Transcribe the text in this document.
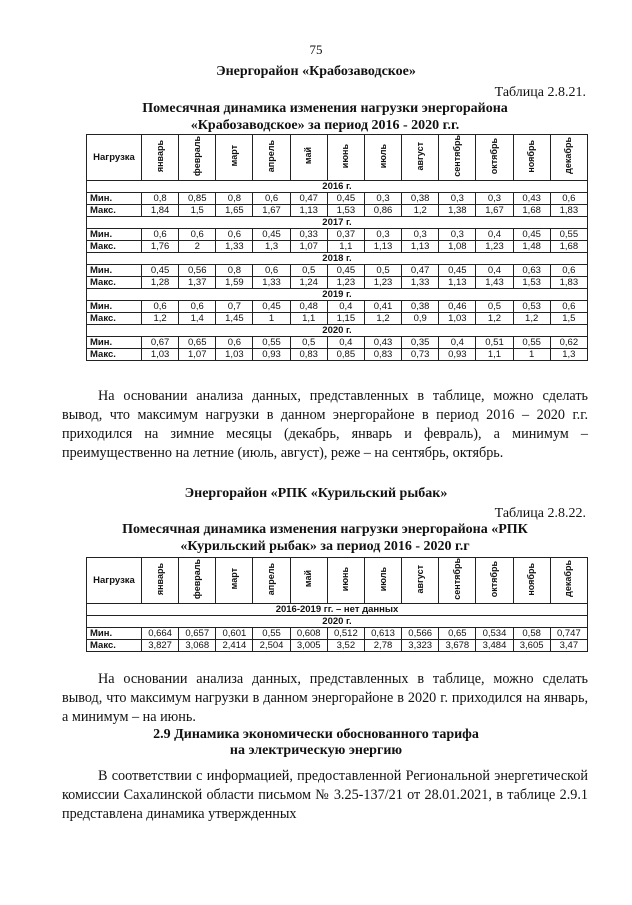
75
Энергорайон «Крабозаводское»
Таблица 2.8.21.
Помесячная динамика изменения нагрузки энергорайона
«Крабозаводское» за период 2016 - 2020 г.г.
Нагрузка	январь	февраль	март	апрель	май	июнь	июль	август	сентябрь	октябрь	ноябрь	декабрь
2016 г.												
Мин.	0,8	0,85	0,8	0,6	0,47	0,45	0,3	0,38	0,3	0,3	0,43	0,6
Макс.	1,84	1,5	1,65	1,67	1,13	1,53	0,86	1,2	1,38	1,67	1,68	1,83
2017 г.												
Мин.	0,6	0,6	0,6	0,45	0,33	0,37	0,3	0,3	0,3	0,4	0,45	0,55
Макс.	1,76	2	1,33	1,3	1,07	1,1	1,13	1,13	1,08	1,23	1,48	1,68
2018 г.												
Мин.	0,45	0,56	0,8	0,6	0,5	0,45	0,5	0,47	0,45	0,4	0,63	0,6
Макс.	1,28	1,37	1,59	1,33	1,24	1,23	1,23	1,33	1,13	1,43	1,53	1,83
2019 г.												
Мин.	0,6	0,6	0,7	0,45	0,48	0,4	0,41	0,38	0,46	0,5	0,53	0,6
Макс.	1,2	1,4	1,45	1	1,1	1,15	1,2	0,9	1,03	1,2	1,2	1,5
2020 г.												
Мин.	0,67	0,65	0,6	0,55	0,5	0,4	0,43	0,35	0,4	0,51	0,55	0,62
Макс.	1,03	1,07	1,03	0,93	0,83	0,85	0,83	0,73	0,93	1,1	1	1,3
На основании анализа данных, представленных в таблице, можно сделать вывод, что максимум нагрузки в данном энергорайоне в период 2016 – 2020 г.г. приходился на зимние месяцы (декабрь, январь и февраль), а минимум – преимущественно на летние (июль, август), реже – на сентябрь, октябрь.
Энергорайон «РПК «Курильский рыбак»
Таблица 2.8.22.
Помесячная динамика изменения нагрузки энергорайона «РПК
«Курильский рыбак» за период 2016 - 2020 г.г
Нагрузка	январь	февраль	март	апрель	май	июнь	июль	август	сентябрь	октябрь	ноябрь	декабрь
2016-2019 гг. – нет данных												
2020 г.												
Мин.	0,664	0,657	0,601	0,55	0,608	0,512	0,613	0,566	0,65	0,534	0,58	0,747
Макс.	3,827	3,068	2,414	2,504	3,005	3,52	2,78	3,323	3,678	3,484	3,605	3,47
На основании анализа данных, представленных в таблице, можно сделать вывод, что максимум нагрузки в данном энергорайоне в 2020 г. приходился на январь, а минимум – на июнь.
2.9 Динамика экономически обоснованного тарифа
на электрическую энергию
В соответствии с информацией, предоставленной Региональной энергетической комиссии Сахалинской области письмом № 3.25-137/21 от 28.01.2021, в таблице 2.9.1 представлена динамика утвержденных
